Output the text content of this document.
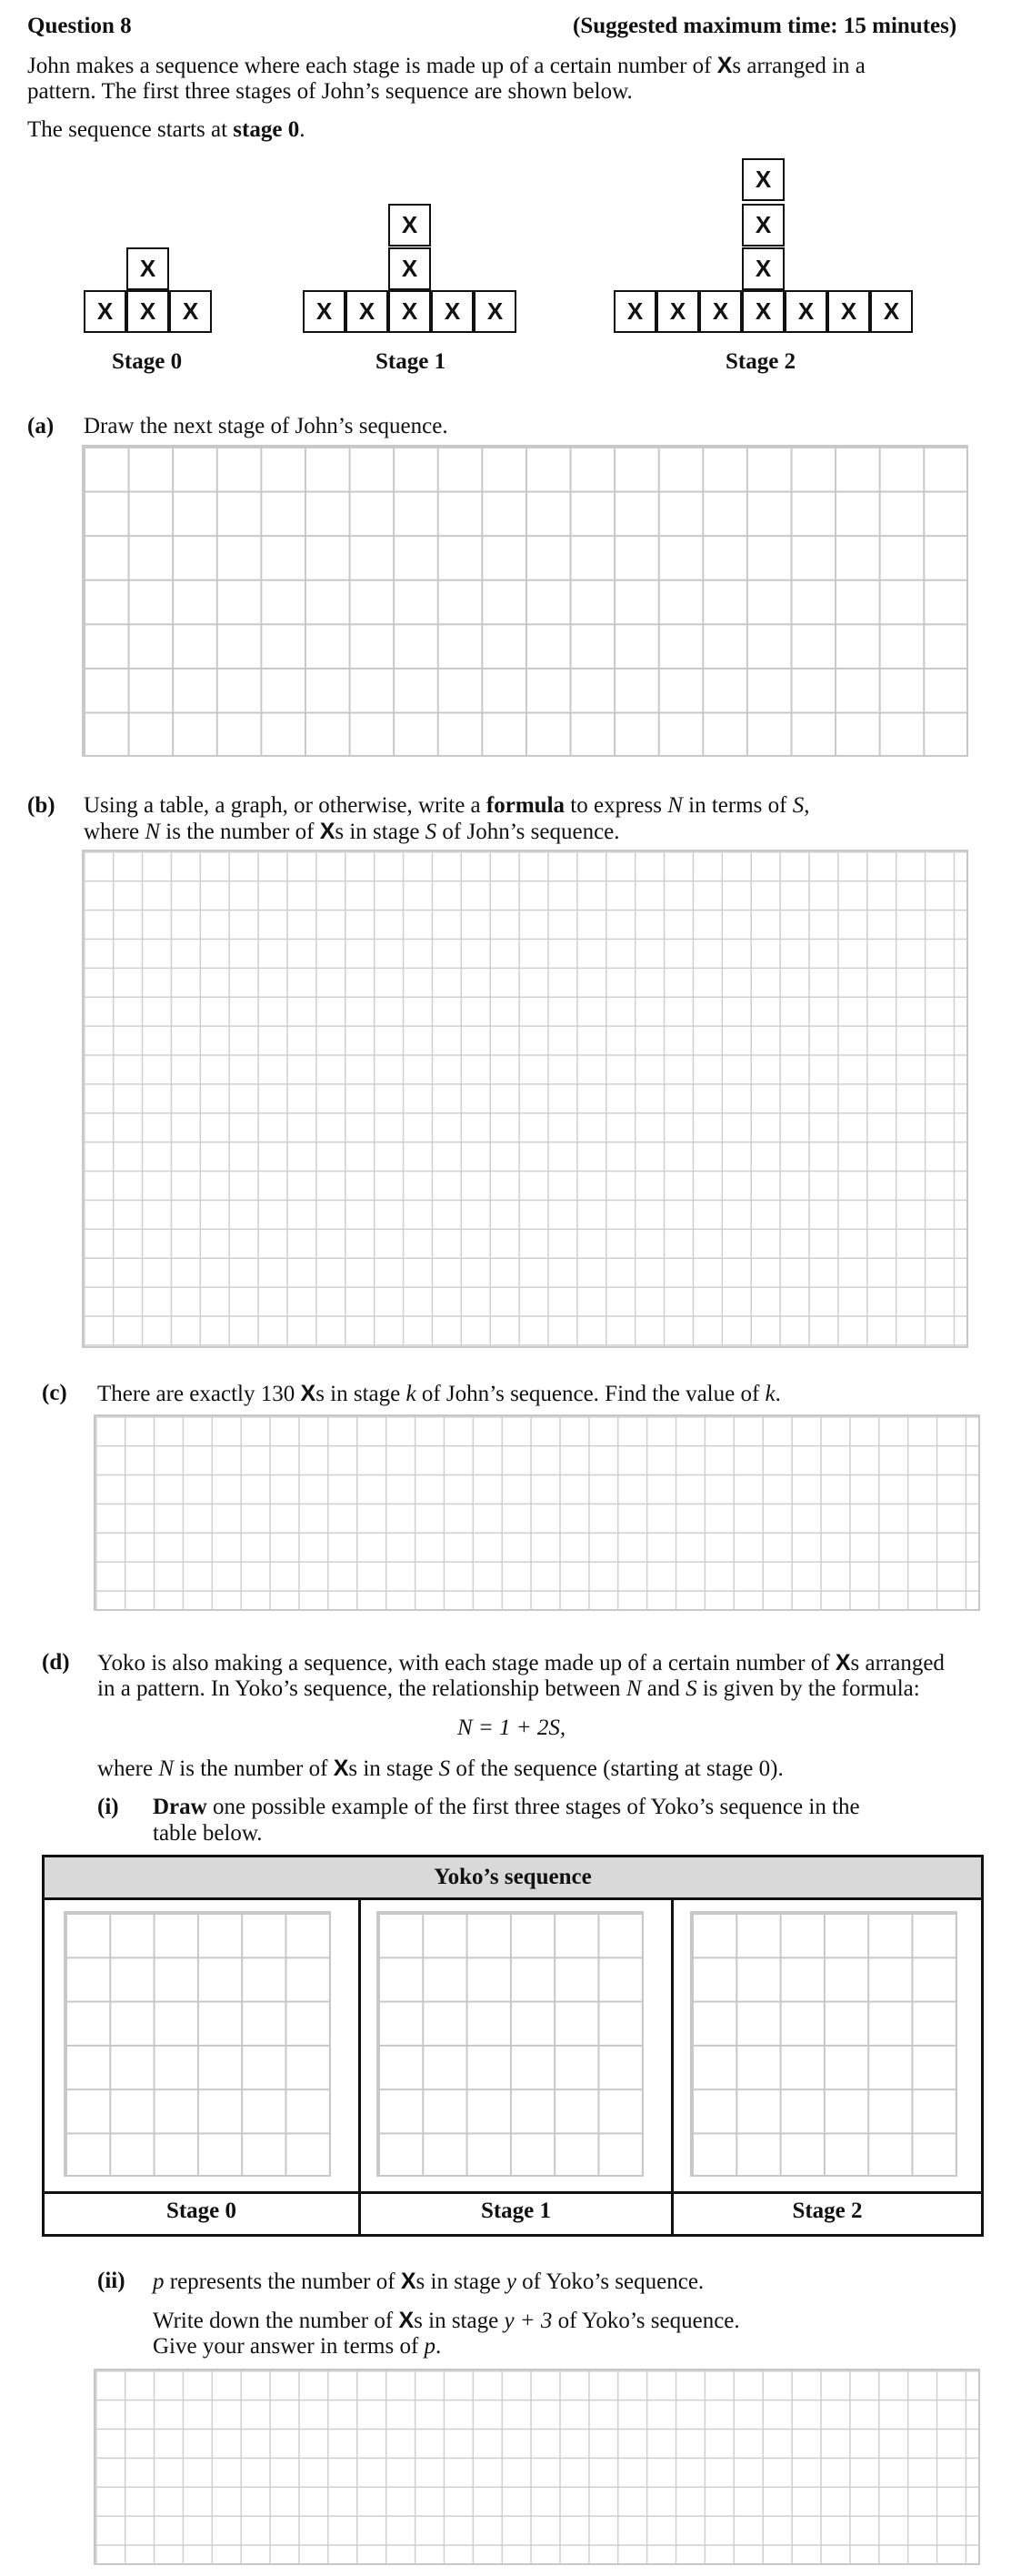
Question 8	(Suggested maximum time: 15 minutes)
John makes a sequence where each stage is made up of a certain number of Xs arranged in a
pattern. The first three stages of John’s sequence are shown below.
The sequence starts at stage 0.
X
X	X	X
Stage 0
X
X
X	X	X	X	X
Stage 1
X
X
X
X	X	X	X	X	X	X
Stage 2
(a) Draw the next stage of John’s sequence.
(b) Using a table, a graph, or otherwise, write a formula to express N in terms of S,
where N is the number of Xs in stage S of John’s sequence.
(c) There are exactly 130 Xs in stage k of John’s sequence. Find the value of k.
(d) Yoko is also making a sequence, with each stage made up of a certain number of Xs arranged
in a pattern. In Yoko’s sequence, the relationship between N and S is given by the formula:
N = 1 + 2S,
where N is the number of Xs in stage S of the sequence (starting at stage 0).
(i) Draw one possible example of the first three stages of Yoko’s sequence in the
table below.
Yoko’s sequence
Stage 0	Stage 1	Stage 2
(ii) p represents the number of Xs in stage y of Yoko’s sequence.
Write down the number of Xs in stage y + 3 of Yoko’s sequence.
Give your answer in terms of p.
